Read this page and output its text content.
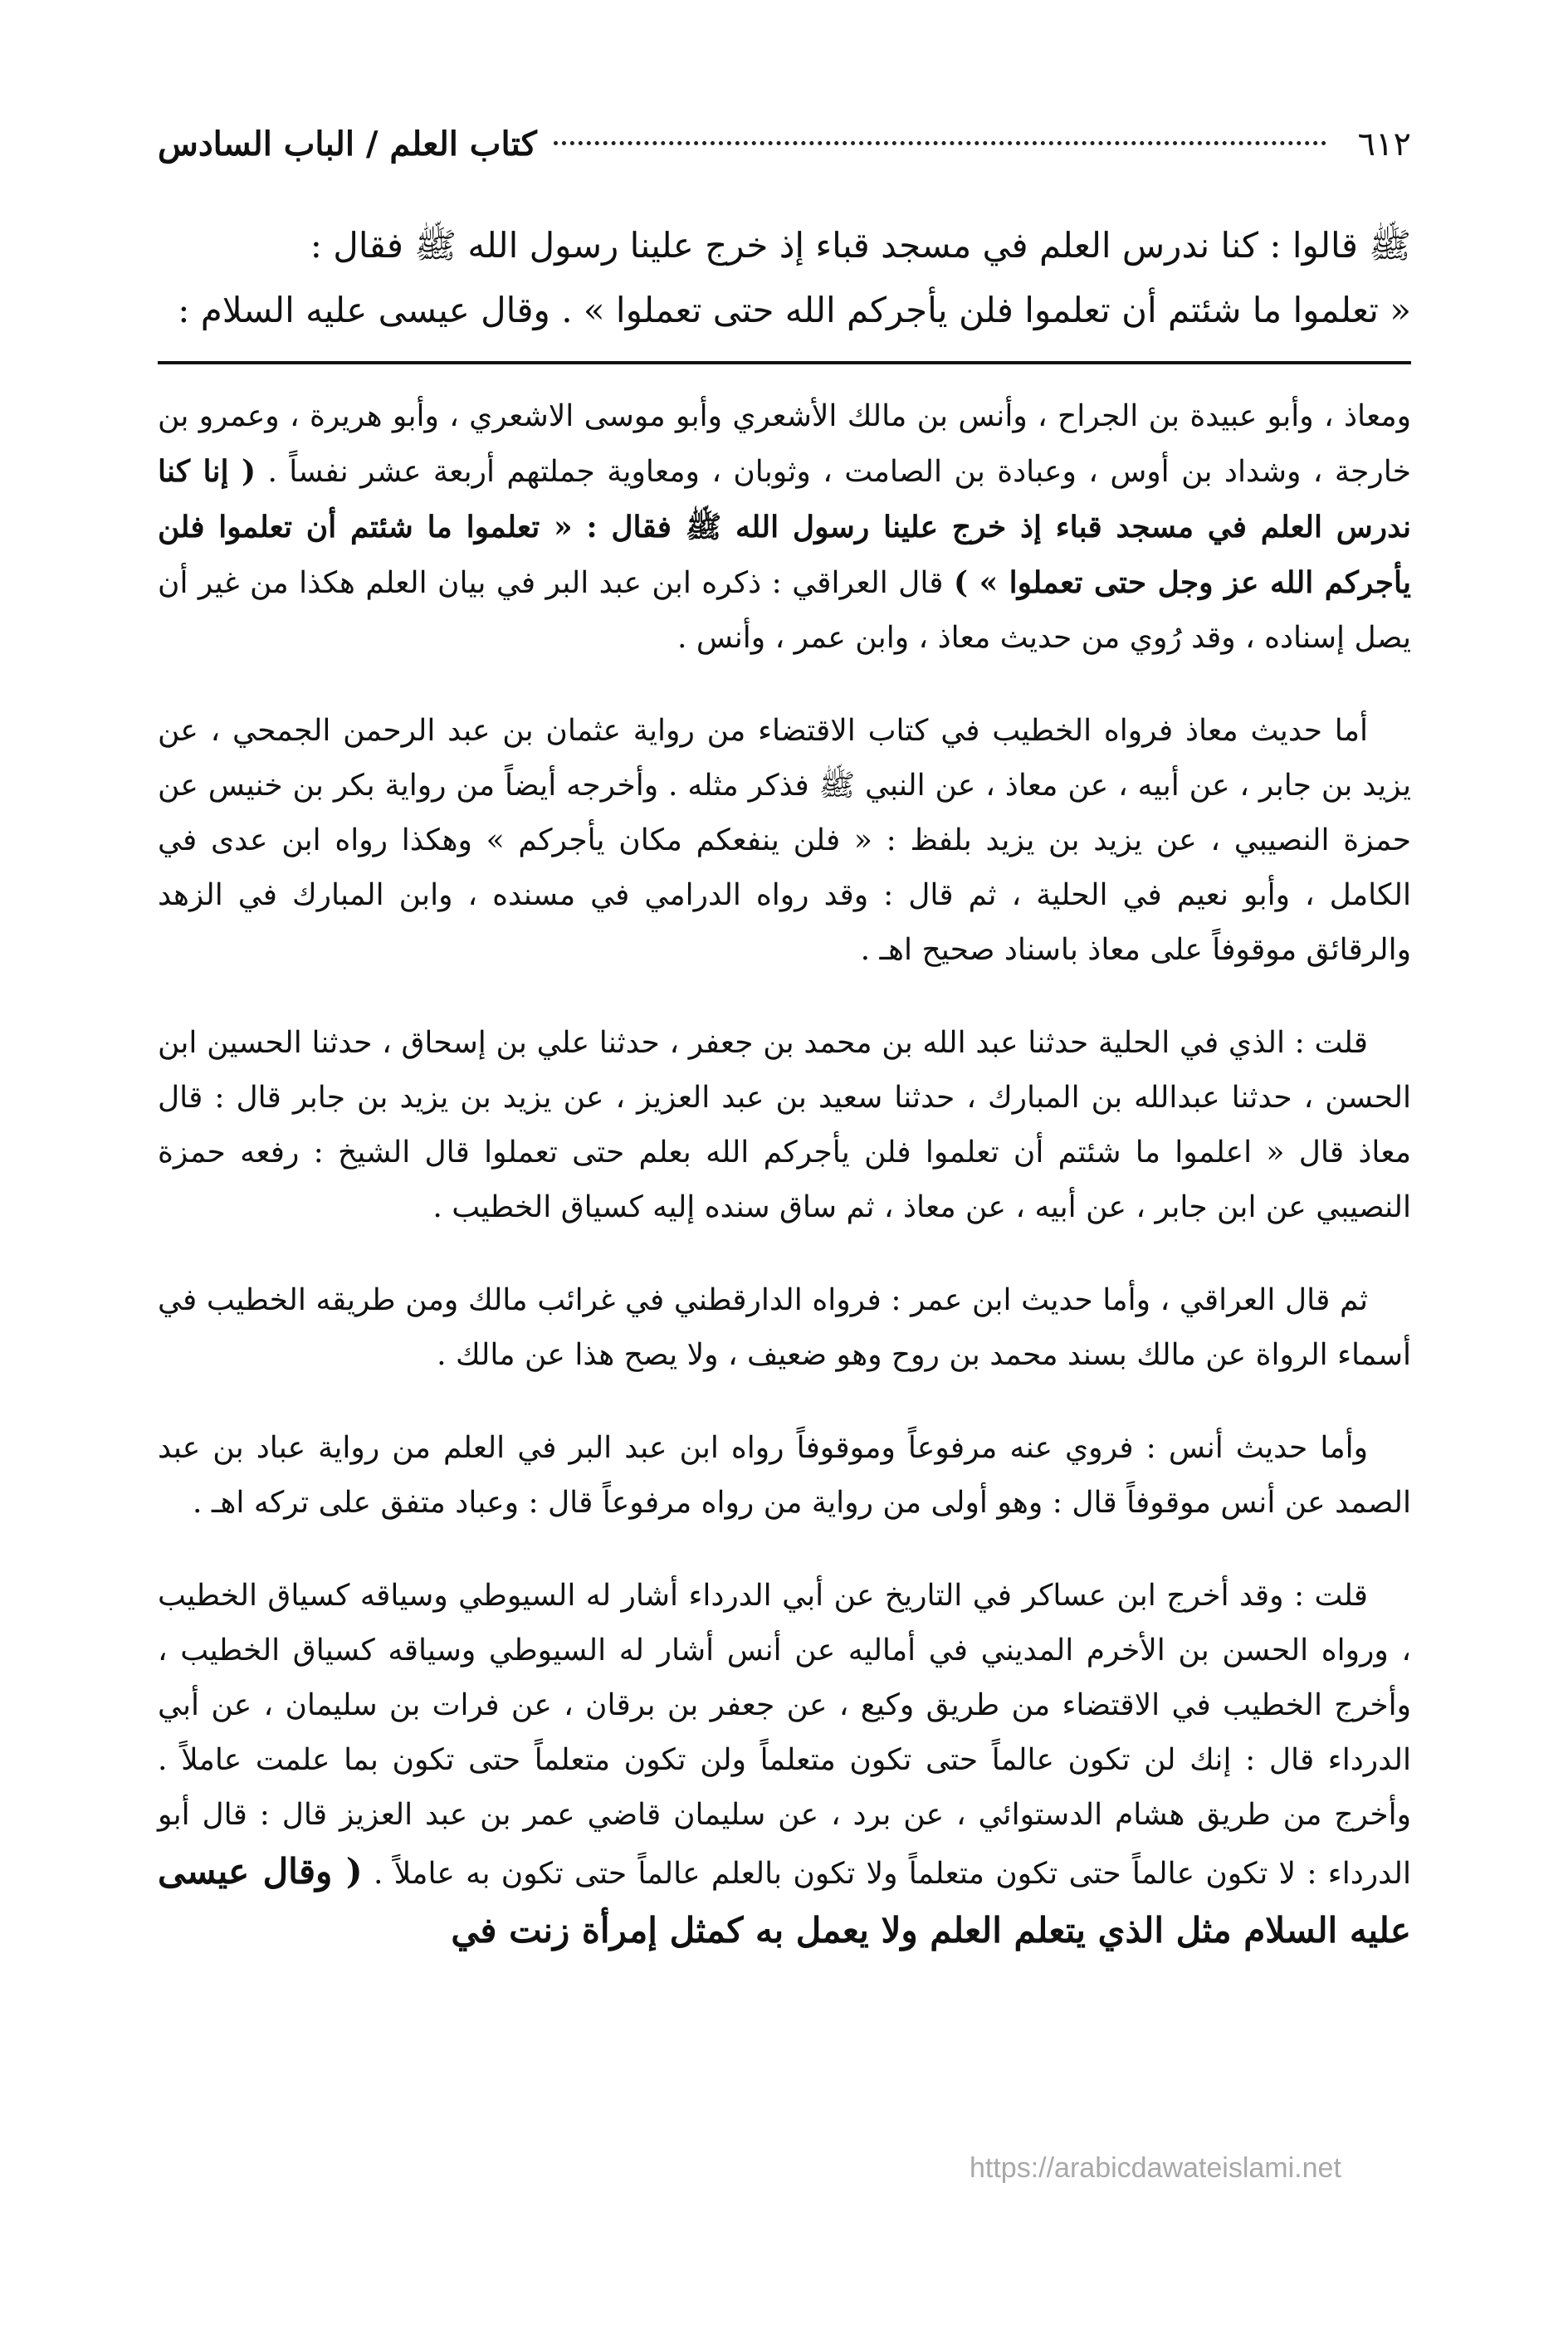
٦١٢
كتاب العلم / الباب السادس

ﷺ قالوا : كنا ندرس العلم في مسجد قباء إذ خرج علينا رسول الله ﷺ فقال :

« تعلموا ما شئتم أن تعلموا فلن يأجركم الله حتى تعملوا » . وقال عيسى عليه السلام :

ومعاذ ، وأبو عبيدة بن الجراح ، وأنس بن مالك الأشعري وأبو موسى الاشعري ، وأبو هريرة ، وعمرو بن خارجة ، وشداد بن أوس ، وعبادة بن الصامت ، وثوبان ، ومعاوية جملتهم أربعة عشر نفساً . ( إنا كنا ندرس العلم في مسجد قباء إذ خرج علينا رسول الله ﷺ فقال : « تعلموا ما شئتم أن تعلموا فلن يأجركم الله عز وجل حتى تعملوا » ) قال العراقي : ذكره ابن عبد البر في بيان العلم هكذا من غير أن يصل إسناده ، وقد رُوي من حديث معاذ ، وابن عمر ، وأنس .

أما حديث معاذ فرواه الخطيب في كتاب الاقتضاء من رواية عثمان بن عبد الرحمن الجمحي ، عن يزيد بن جابر ، عن أبيه ، عن معاذ ، عن النبي ﷺ فذكر مثله . وأخرجه أيضاً من رواية بكر بن خنيس عن حمزة النصيبي ، عن يزيد بن يزيد بلفظ : « فلن ينفعكم مكان يأجركم » وهكذا رواه ابن عدى في الكامل ، وأبو نعيم في الحلية ، ثم قال : وقد رواه الدرامي في مسنده ، وابن المبارك في الزهد والرقائق موقوفاً على معاذ باسناد صحيح اهـ .

قلت : الذي في الحلية حدثنا عبد الله بن محمد بن جعفر ، حدثنا علي بن إسحاق ، حدثنا الحسين ابن الحسن ، حدثنا عبدالله بن المبارك ، حدثنا سعيد بن عبد العزيز ، عن يزيد بن يزيد بن جابر قال : قال معاذ قال « اعلموا ما شئتم أن تعلموا فلن يأجركم الله بعلم حتى تعملوا قال الشيخ : رفعه حمزة النصيبي عن ابن جابر ، عن أبيه ، عن معاذ ، ثم ساق سنده إليه كسياق الخطيب .

ثم قال العراقي ، وأما حديث ابن عمر : فرواه الدارقطني في غرائب مالك ومن طريقه الخطيب في أسماء الرواة عن مالك بسند محمد بن روح وهو ضعيف ، ولا يصح هذا عن مالك .

وأما حديث أنس : فروي عنه مرفوعاً وموقوفاً رواه ابن عبد البر في العلم من رواية عباد بن عبد الصمد عن أنس موقوفاً قال : وهو أولى من رواية من رواه مرفوعاً قال : وعباد متفق على تركه اهـ .

قلت : وقد أخرج ابن عساكر في التاريخ عن أبي الدرداء أشار له السيوطي وسياقه كسياق الخطيب ، ورواه الحسن بن الأخرم المديني في أماليه عن أنس أشار له السيوطي وسياقه كسياق الخطيب ، وأخرج الخطيب في الاقتضاء من طريق وكيع ، عن جعفر بن برقان ، عن فرات بن سليمان ، عن أبي الدرداء قال : إنك لن تكون عالماً حتى تكون متعلماً ولن تكون متعلماً حتى تكون بما علمت عاملاً . وأخرج من طريق هشام الدستوائي ، عن برد ، عن سليمان قاضي عمر بن عبد العزيز قال : قال أبو الدرداء : لا تكون عالماً حتى تكون متعلماً ولا تكون بالعلم عالماً حتى تكون به عاملاً . ( وقال عيسى عليه السلام مثل الذي يتعلم العلم ولا يعمل به كمثل إمرأة زنت في

https://arabicdawateislami.net
